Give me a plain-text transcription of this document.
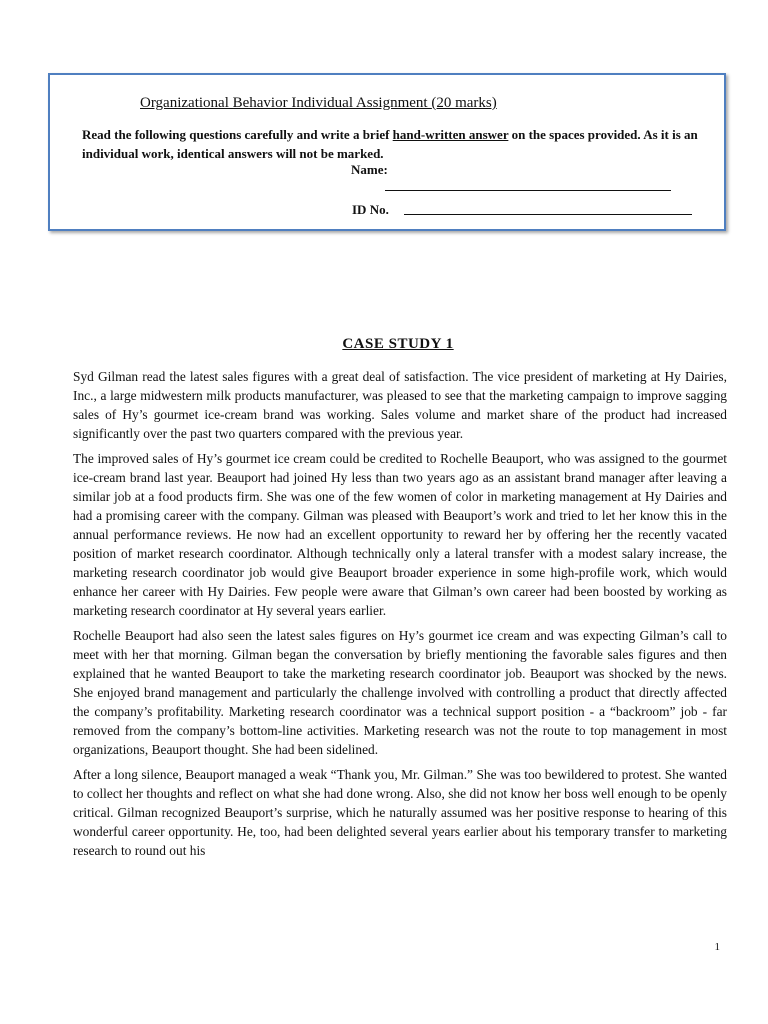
Organizational Behavior Individual Assignment (20 marks)
Read the following questions carefully and write a brief hand-written answer on the spaces provided. As it is an individual work, identical answers will not be marked.
Name:
ID No.
CASE STUDY 1

Syd Gilman read the latest sales figures with a great deal of satisfaction. The vice president of marketing at Hy Dairies, Inc., a large midwestern milk products manufacturer, was pleased to see that the marketing campaign to improve sagging sales of Hy’s gourmet ice-cream brand was working. Sales volume and market share of the product had increased significantly over the past two quarters compared with the previous year.

The improved sales of Hy’s gourmet ice cream could be credited to Rochelle Beauport, who was assigned to the gourmet ice-cream brand last year. Beauport had joined Hy less than two years ago as an assistant brand manager after leaving a similar job at a food products firm. She was one of the few women of color in marketing management at Hy Dairies and had a promising career with the company. Gilman was pleased with Beauport’s work and tried to let her know this in the annual performance reviews. He now had an excellent opportunity to reward her by offering her the recently vacated position of market research coordinator. Although technically only a lateral transfer with a modest salary increase, the marketing research coordinator job would give Beauport broader experience in some high-profile work, which would enhance her career with Hy Dairies. Few people were aware that Gilman’s own career had been boosted by working as marketing research coordinator at Hy several years earlier.

Rochelle Beauport had also seen the latest sales figures on Hy’s gourmet ice cream and was expecting Gilman’s call to meet with her that morning. Gilman began the conversation by briefly mentioning the favorable sales figures and then explained that he wanted Beauport to take the marketing research coordinator job. Beauport was shocked by the news. She enjoyed brand management and particularly the challenge involved with controlling a product that directly affected the company’s profitability. Marketing research coordinator was a technical support position - a “backroom” job - far removed from the company’s bottom-line activities. Marketing research was not the route to top management in most organizations, Beauport thought. She had been sidelined.

After a long silence, Beauport managed a weak “Thank you, Mr. Gilman.” She was too bewildered to protest. She wanted to collect her thoughts and reflect on what she had done wrong. Also, she did not know her boss well enough to be openly critical. Gilman recognized Beauport’s surprise, which he naturally assumed was her positive response to hearing of this wonderful career opportunity. He, too, had been delighted several years earlier about his temporary transfer to marketing research to round out his

1
